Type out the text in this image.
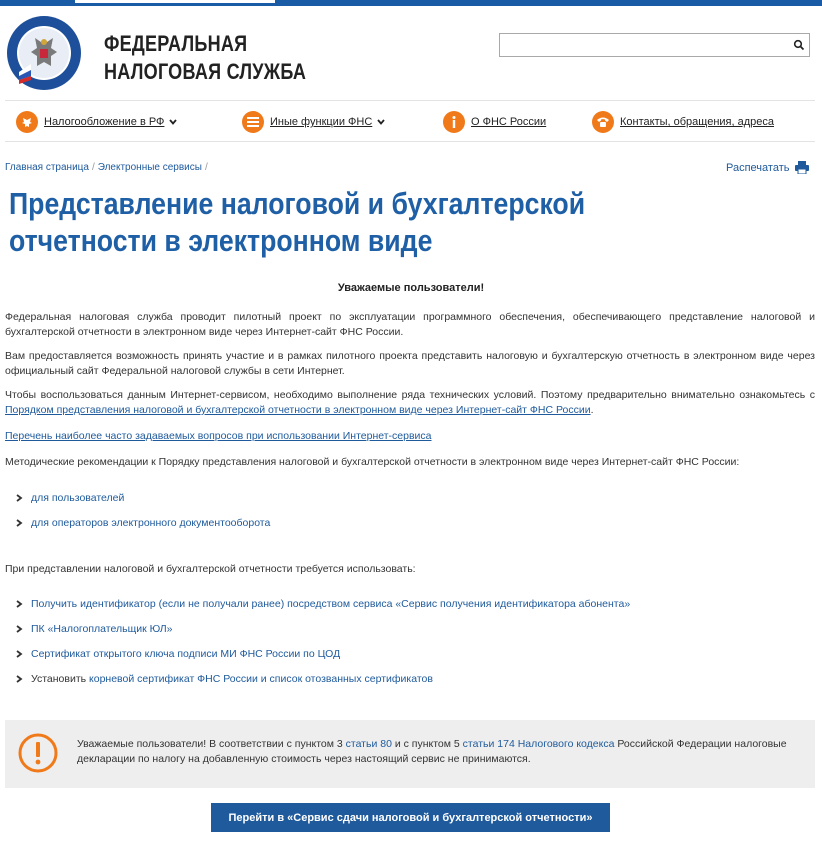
ФЕДЕРАЛЬНАЯ
НАЛОГОВАЯ СЛУЖБА
Налогообложение в РФ	Иные функции ФНС	О ФНС России	Контакты, обращения, адреса
Главная страница / Электронные сервисы /	Распечатать
Представление налоговой и бухгалтерской отчетности в электронном виде
Уважаемые пользователи!
Федеральная налоговая служба проводит пилотный проект по эксплуатации программного обеспечения, обеспечивающего представление налоговой и бухгалтерской отчетности в электронном виде через Интернет-сайт ФНС России.
Вам предоставляется возможность принять участие и в рамках пилотного проекта представить налоговую и бухгалтерскую отчетность в электронном виде через официальный сайт Федеральной налоговой службы в сети Интернет.
Чтобы воспользоваться данным Интернет-сервисом, необходимо выполнение ряда технических условий. Поэтому предварительно внимательно ознакомьтесь с Порядком представления налоговой и бухгалтерской отчетности в электронном виде через Интернет-сайт ФНС России.
Перечень наиболее часто задаваемых вопросов при использовании Интернет-сервиса
Методические рекомендации к Порядку представления налоговой и бухгалтерской отчетности в электронном виде через Интернет-сайт ФНС России:
для пользователей
для операторов электронного документооборота
При представлении налоговой и бухгалтерской отчетности требуется использовать:
Получить идентификатор (если не получали ранее) посредством сервиса «Сервис получения идентификатора абонента»
ПК «Налогоплательщик ЮЛ»
Сертификат открытого ключа подписи МИ ФНС России по ЦОД
Установить корневой сертификат ФНС России и список отозванных сертификатов
Уважаемые пользователи! В соответствии с пунктом 3 статьи 80 и с пунктом 5 статьи 174 Налогового кодекса Российской Федерации налоговые декларации по налогу на добавленную стоимость через настоящий сервис не принимаются.
Перейти в «Сервис сдачи налоговой и бухгалтерской отчетности»
